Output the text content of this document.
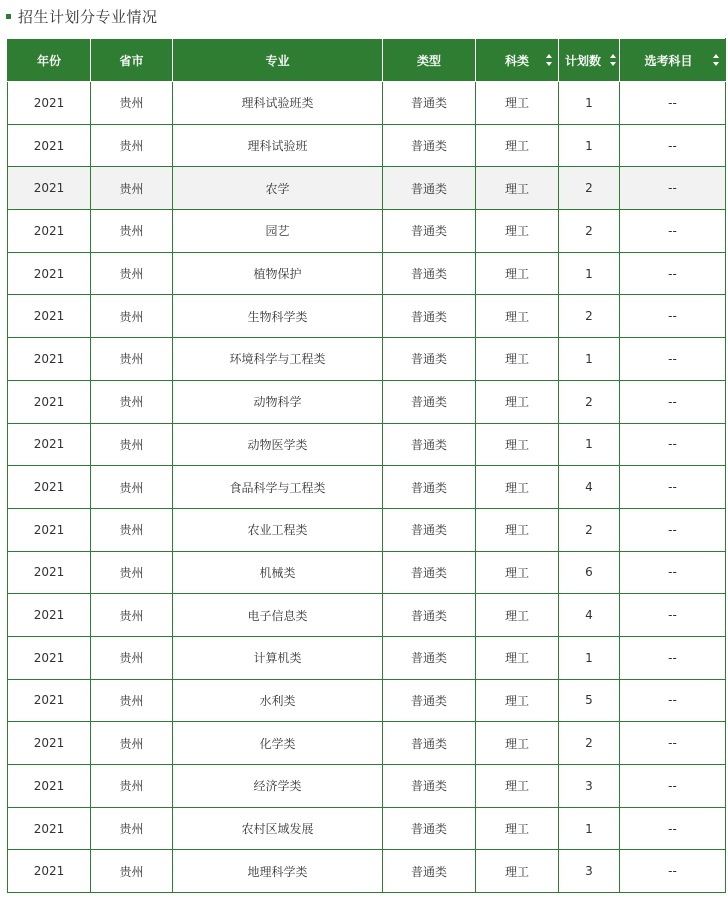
招生计划分专业情况
年份	省市	专业	类型	科类	计划数	选考科目

2021	贵州	理科试验班类	普通类	理工	1	--
2021	贵州	理科试验班	普通类	理工	1	--
2021	贵州	农学	普通类	理工	2	--
2021	贵州	园艺	普通类	理工	2	--
2021	贵州	植物保护	普通类	理工	1	--
2021	贵州	生物科学类	普通类	理工	2	--
2021	贵州	环境科学与工程类	普通类	理工	1	--
2021	贵州	动物科学	普通类	理工	2	--
2021	贵州	动物医学类	普通类	理工	1	--
2021	贵州	食品科学与工程类	普通类	理工	4	--
2021	贵州	农业工程类	普通类	理工	2	--
2021	贵州	机械类	普通类	理工	6	--
2021	贵州	电子信息类	普通类	理工	4	--
2021	贵州	计算机类	普通类	理工	1	--
2021	贵州	水利类	普通类	理工	5	--
2021	贵州	化学类	普通类	理工	2	--
2021	贵州	经济学类	普通类	理工	3	--
2021	贵州	农村区域发展	普通类	理工	1	--
2021	贵州	地理科学类	普通类	理工	3	--
